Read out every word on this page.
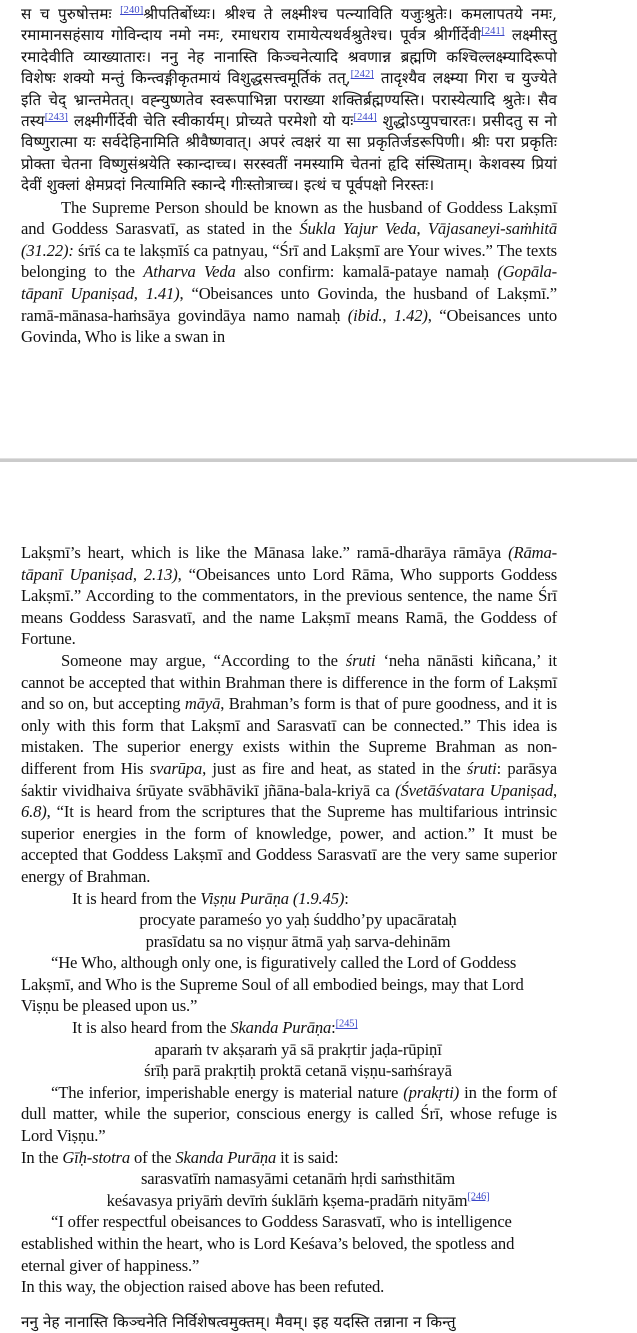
स च पुरुषोत्तमः [240]श्रीपतिर्बोध्यः। श्रीश्च ते लक्ष्मीश्च पत्न्याविति यजुःश्रुतेः। कमलापतये नमः, रमामानसहंसाय गोविन्दाय नमो नमः, रमाधराय रामायेत्यथर्वश्रुतेश्च। पूर्वत्र श्रीर्गीर्देवी[241] लक्ष्मीस्तु रमादेवीति व्याख्यातारः। ननु नेह नानास्ति किञ्चनेत्यादि श्रवणान्न ब्रह्मणि कश्चिल्लक्ष्म्यादिरूपो विशेषः शक्यो मन्तुं किन्त्वङ्गीकृतमायं विशुद्धसत्त्वमूर्तिकं तत्,[242] तादृश्यैव लक्ष्म्या गिरा च युज्येते इति चेद् भ्रान्तमेतत्। वह्न्युष्णतेव स्वरूपाभिन्ना पराख्या शक्तिर्ब्रह्मण्यस्ति। परास्येत्यादि श्रुतेः। सैव तस्य[243] लक्ष्मीर्गीर्देवी चेति स्वीकार्यम्। प्रोच्यते परमेशो यो यः[244] शुद्धोऽप्युपचारतः। प्रसीदतु स नो विष्णुरात्मा यः सर्वदेहिनामिति श्रीवैष्णवात्। अपरं त्वक्षरं या सा प्रकृतिर्जडरूपिणी। श्रीः परा प्रकृतिः प्रोक्ता चेतना विष्णुसंश्रयेति स्कान्दाच्च। सरस्वतीं नमस्यामि चेतनां हृदि संस्थिताम्। केशवस्य प्रियां देवीं शुक्लां क्षेमप्रदां नित्यामिति स्कान्दे गीःस्तोत्राच्च। इत्थं च पूर्वपक्षो निरस्तः।

The Supreme Person should be known as the husband of Goddess Lakṣmī and Goddess Sarasvatī, as stated in the Śukla Yajur Veda, Vājasaneyi-saṁhitā (31.22): śrīś ca te lakṣmīś ca patnyau, “Śrī and Lakṣmī are Your wives.” The texts belonging to the Atharva Veda also confirm: kamalā-pataye namaḥ (Gopāla-tāpanī Upaniṣad, 1.41), “Obeisances unto Govinda, the husband of Lakṣmī.” ramā-mānasa-haṁsāya govindāya namo namaḥ (ibid., 1.42), “Obeisances unto Govinda, Who is like a swan in

Lakṣmī’s heart, which is like the Mānasa lake.” ramā-dharāya rāmāya (Rāma-tāpanī Upaniṣad, 2.13), “Obeisances unto Lord Rāma, Who supports Goddess Lakṣmī.” According to the commentators, in the previous sentence, the name Śrī means Goddess Sarasvatī, and the name Lakṣmī means Ramā, the Goddess of Fortune.

Someone may argue, “According to the śruti ‘neha nānāsti kiñcana,’ it cannot be accepted that within Brahman there is difference in the form of Lakṣmī and so on, but accepting māyā, Brahman’s form is that of pure goodness, and it is only with this form that Lakṣmī and Sarasvatī can be connected.” This idea is mistaken. The superior energy exists within the Supreme Brahman as non-different from His svarūpa, just as fire and heat, as stated in the śruti: parāsya śaktir vividhaiva śrūyate svābhāvikī jñāna-bala-kriyā ca (Śvetāśvatara Upaniṣad, 6.8), “It is heard from the scriptures that the Supreme has multifarious intrinsic superior energies in the form of knowledge, power, and action.” It must be accepted that Goddess Lakṣmī and Goddess Sarasvatī are the very same superior energy of Brahman.

It is heard from the Viṣṇu Purāṇa (1.9.45):

procyate parameśo yo yaḥ śuddho’py upacārataḥ

prasīdatu sa no viṣṇur ātmā yaḥ sarva-dehinām

“He Who, although only one, is figuratively called the Lord of Goddess Lakṣmī, and Who is the Supreme Soul of all embodied beings, may that Lord Viṣṇu be pleased upon us.”

It is also heard from the Skanda Purāṇa:[245]

aparaṁ tv akṣaraṁ yā sā prakṛtir jaḍa-rūpiṇī

śrīḥ parā prakṛtiḥ proktā cetanā viṣṇu-saṁśrayā

“The inferior, imperishable energy is material nature (prakṛti) in the form of dull matter, while the superior, conscious energy is called Śrī, whose refuge is Lord Viṣṇu.”

In the Gīḥ-stotra of the Skanda Purāṇa it is said:

sarasvatīṁ namasyāmi cetanāṁ hṛdi saṁsthitām

keśavasya priyāṁ devīṁ śuklāṁ kṣema-pradāṁ nityām[246]

“I offer respectful obeisances to Goddess Sarasvatī, who is intelligence established within the heart, who is Lord Keśava’s beloved, the spotless and eternal giver of happiness.”

In this way, the objection raised above has been refuted.

ननु नेह नानास्ति किञ्चनेति निर्विशेषत्वमुक्तम्। मैवम्। इह यदस्ति तन्नाना न किन्तु
